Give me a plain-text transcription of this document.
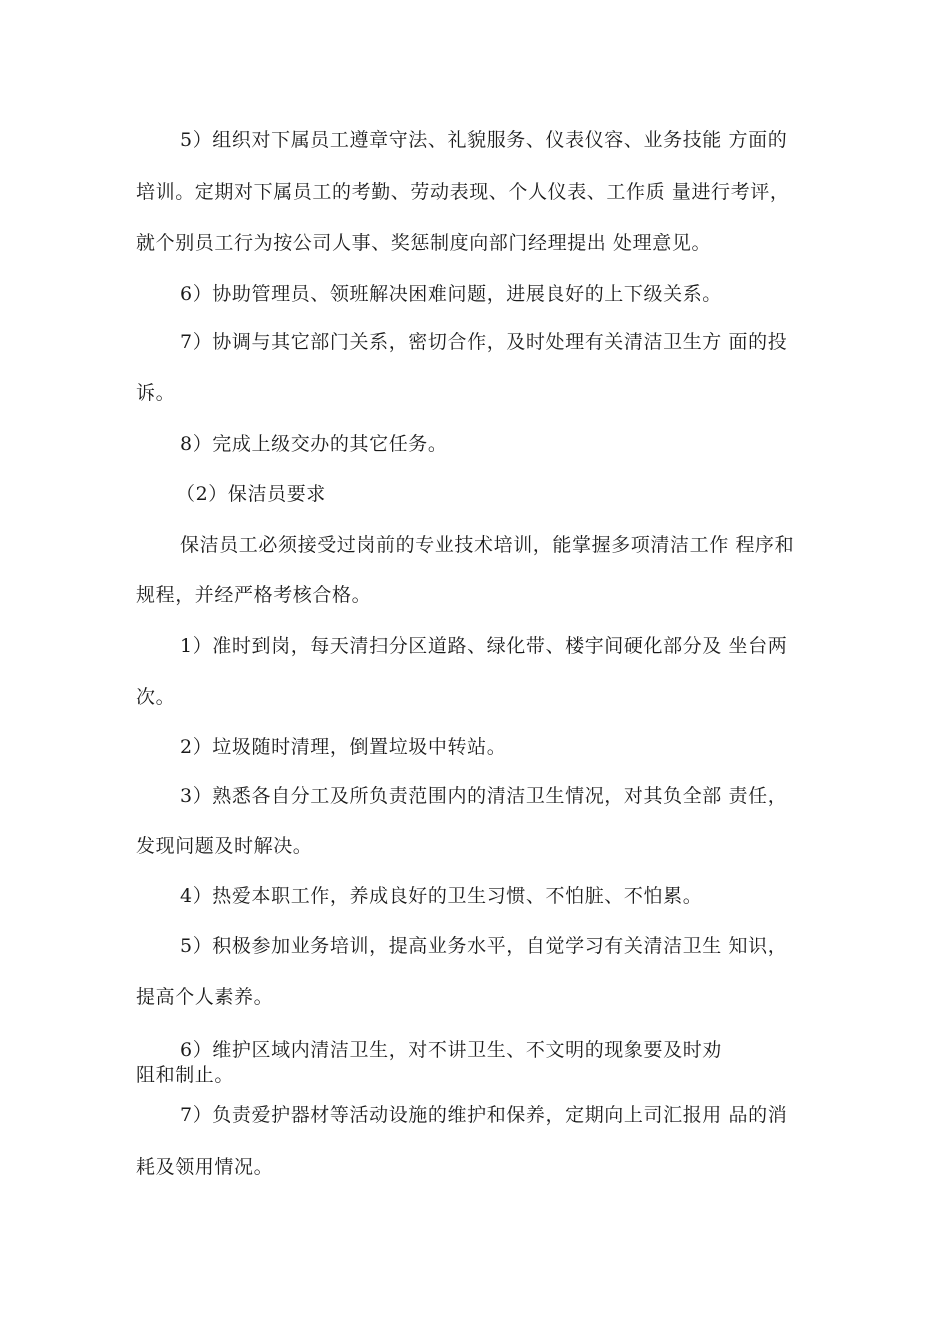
5）组织对下属员工遵章守法、礼貌服务、仪表仪容、业务技能 方面的
培训。定期对下属员工的考勤、劳动表现、个人仪表、工作质 量进行考评，
就个别员工行为按公司人事、奖惩制度向部门经理提出 处理意见。
6）协助管理员、领班解决困难问题，进展良好的上下级关系。
7）协调与其它部门关系，密切合作，及时处理有关清洁卫生方 面的投
诉。
8）完成上级交办的其它任务。
（2）保洁员要求
保洁员工必须接受过岗前的专业技术培训，能掌握多项清洁工作 程序和
规程，并经严格考核合格。
1）准时到岗，每天清扫分区道路、绿化带、楼宇间硬化部分及 坐台两
次。
2）垃圾随时清理，倒置垃圾中转站。
3）熟悉各自分工及所负责范围内的清洁卫生情况，对其负全部 责任，
发现问题及时解决。
4）热爱本职工作，养成良好的卫生习惯、不怕脏、不怕累。
5）积极参加业务培训，提高业务水平，自觉学习有关清洁卫生 知识，
提高个人素养。
6）维护区域内清洁卫生，对不讲卫生、不文明的现象要及时劝
阻和制止。
7）负责爱护器材等活动设施的维护和保养，定期向上司汇报用 品的消
耗及领用情况。
